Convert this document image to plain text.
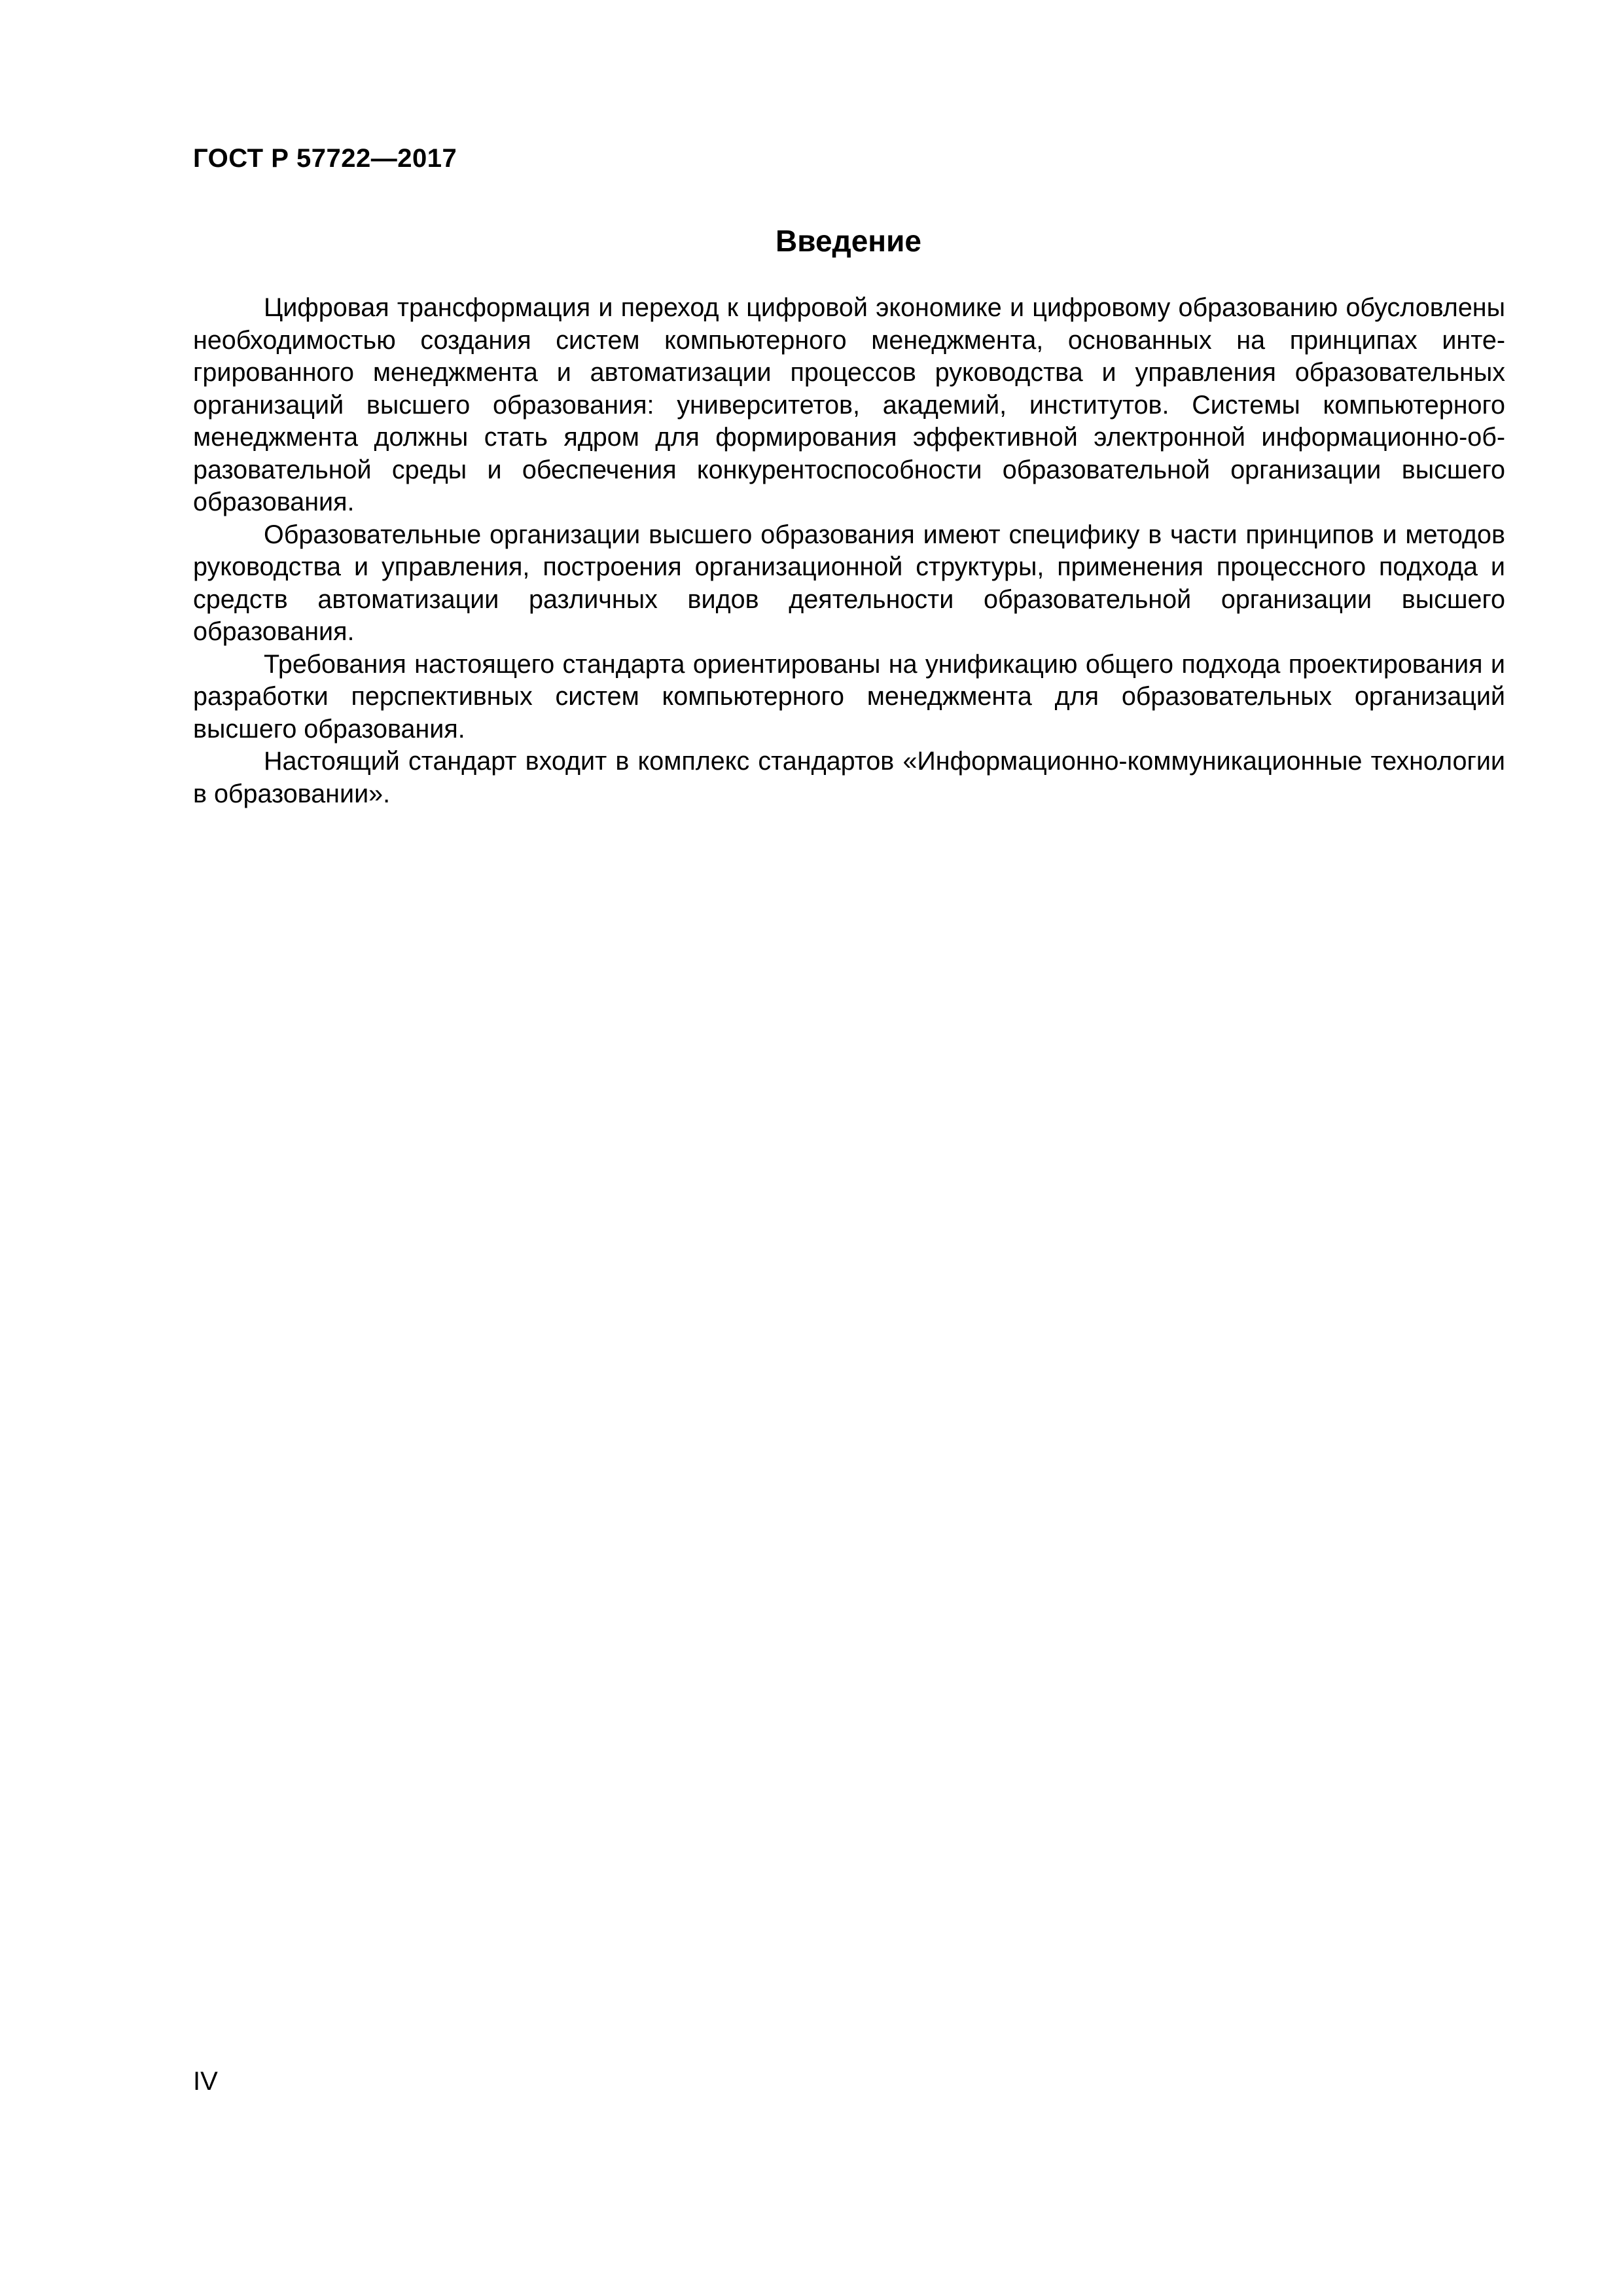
ГОСТ Р 57722—2017
Введение

Цифровая трансформация и переход к цифровой экономике и цифровому образованию обусловлены необходимостью создания систем компьютерного менеджмента, основанных на принципах интегрированного менеджмента и автоматизации процессов руководства и управления образовательных организаций высшего образования: университетов, академий, институтов. Системы компьютерного менеджмента должны стать ядром для формирования эффективной электронной информационно-образовательной среды и обеспечения конкурентоспособности образовательной организации высшего образования.

Образовательные организации высшего образования имеют специфику в части принципов и методов руководства и управления, построения организационной структуры, применения процессного подхода и средств автоматизации различных видов деятельности образовательной организации высшего образования.

Требования настоящего стандарта ориентированы на унификацию общего подхода проектирования и разработки перспективных систем компьютерного менеджмента для образовательных организаций высшего образования.

Настоящий стандарт входит в комплекс стандартов «Информационно-коммуникационные технологии в образовании».

IV
